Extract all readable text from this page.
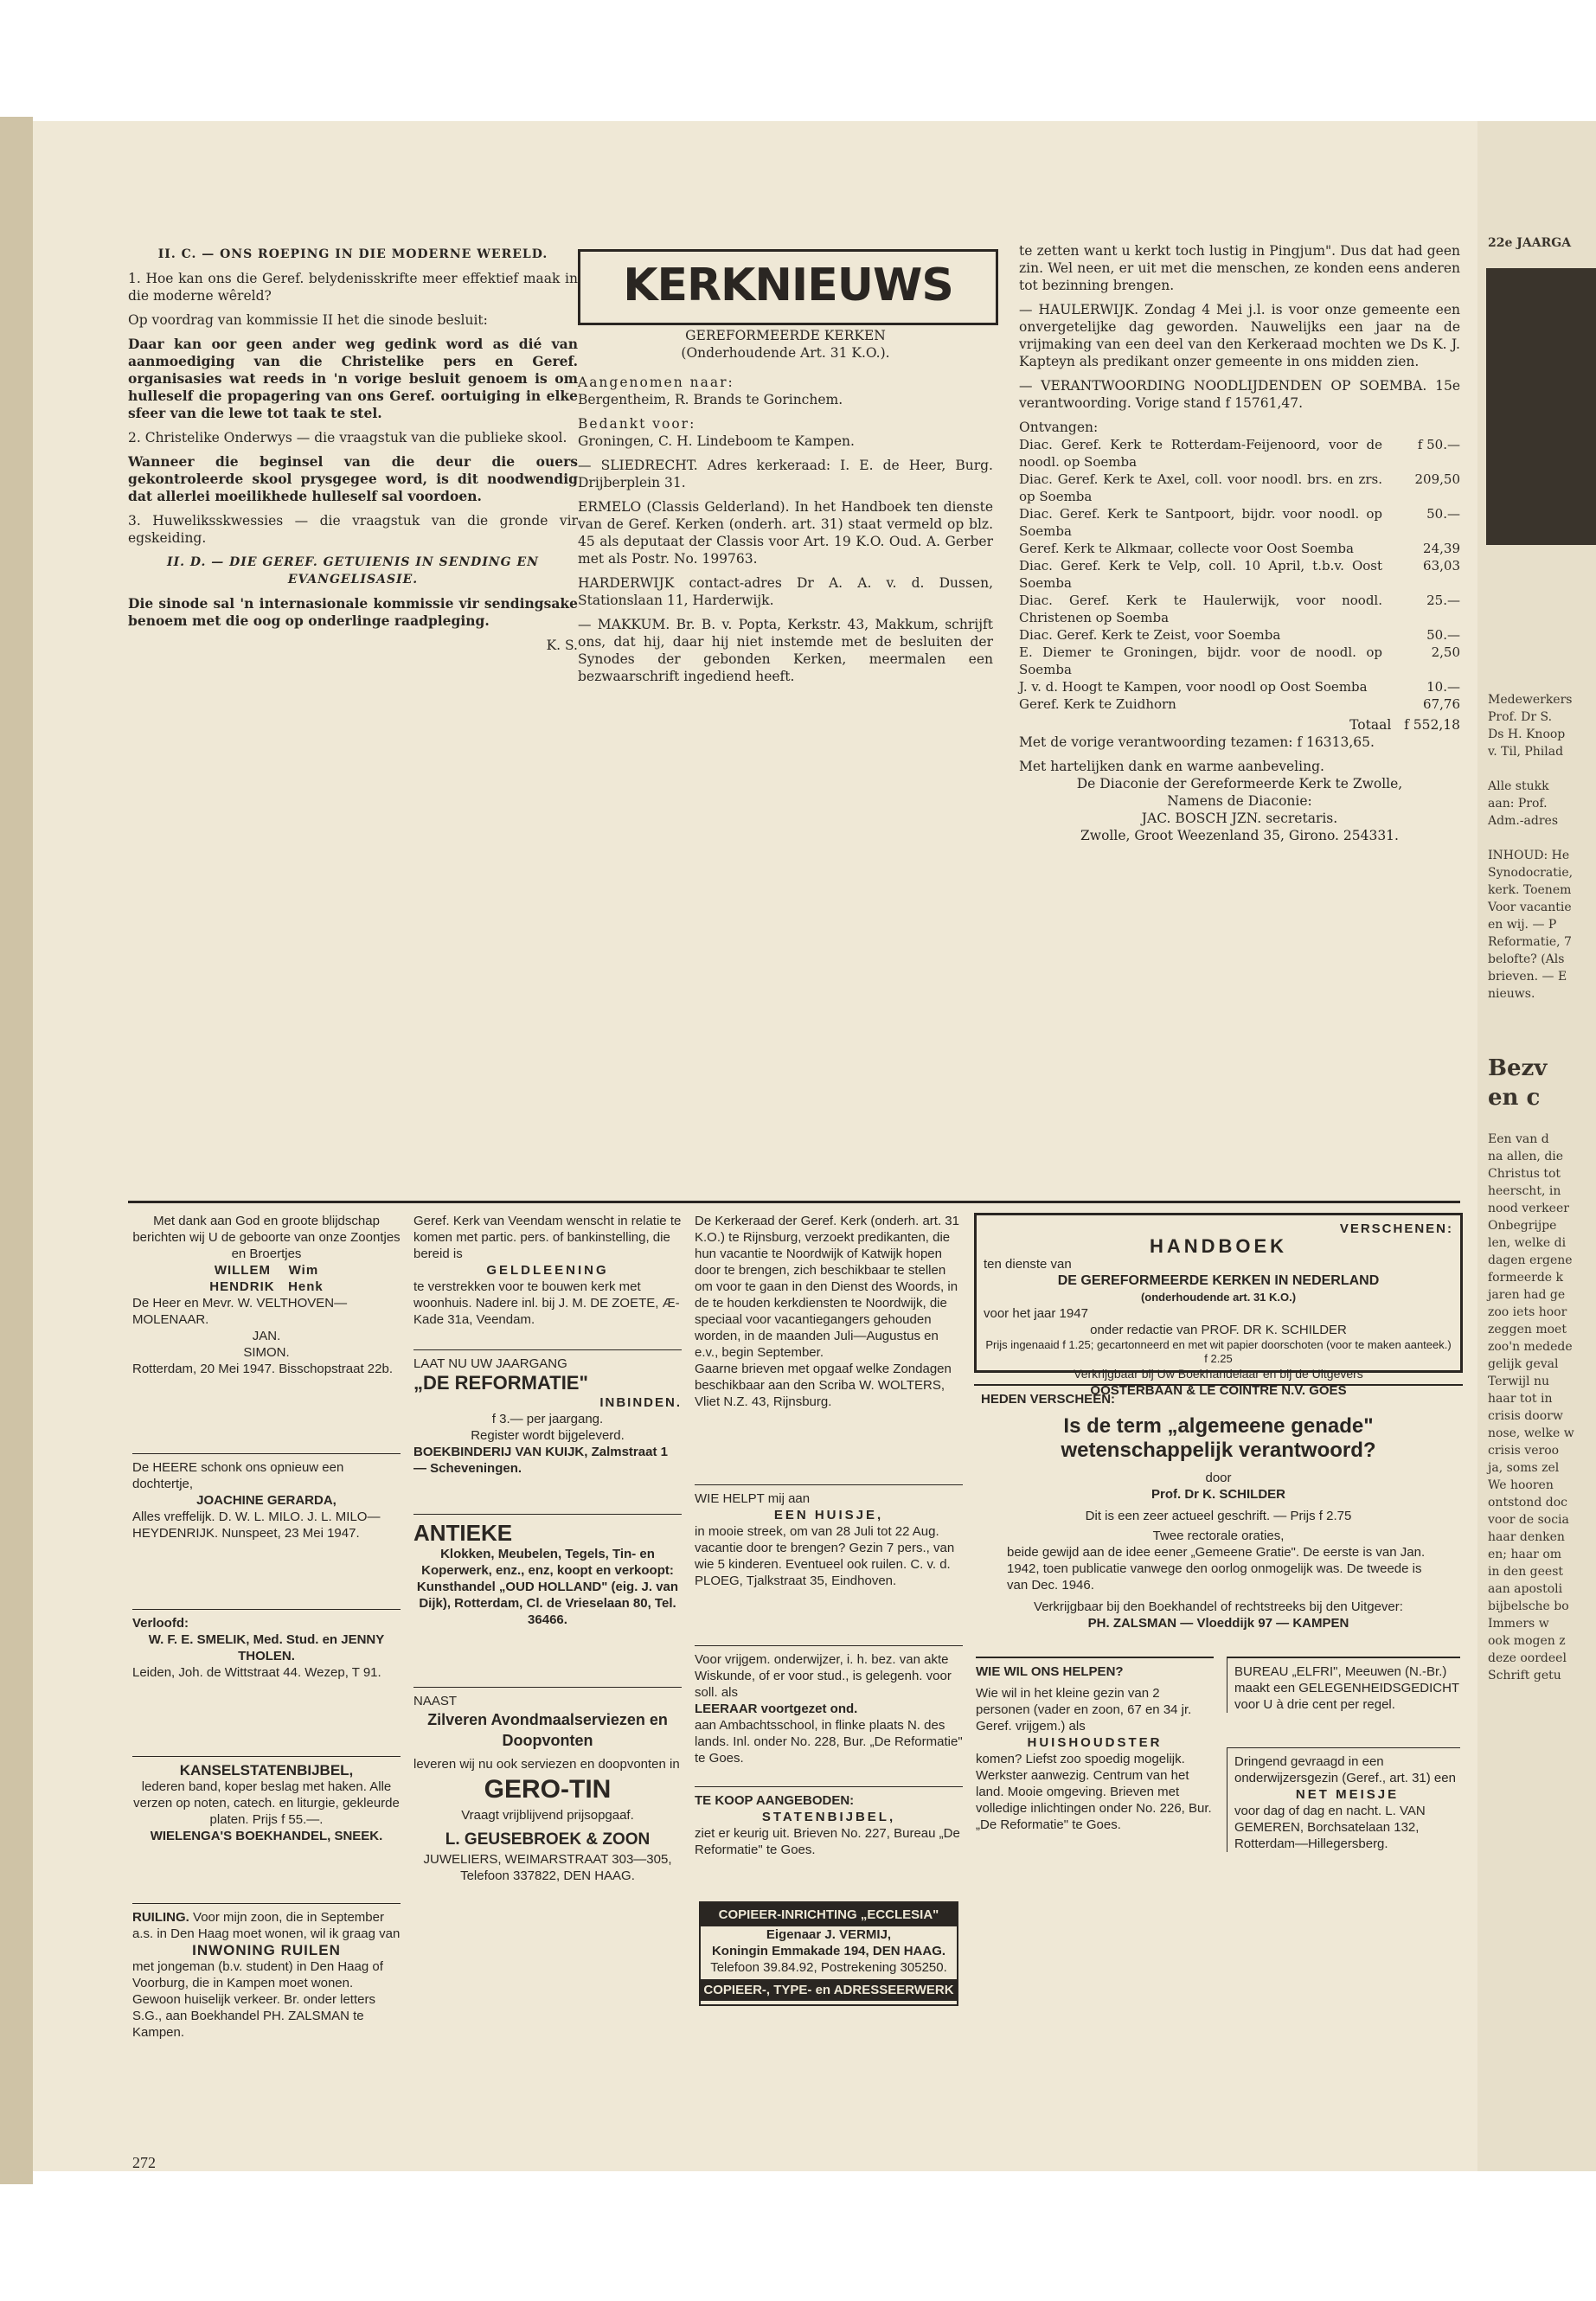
II. C. — ONS ROEPING IN DIE MODERNE WERELD.

1. Hoe kan ons die Geref. belydenisskrifte meer effektief maak in die moderne wêreld?

Op voordrag van kommissie II het die sinode besluit:

Daar kan oor geen ander weg gedink word as dié van aanmoediging van die Christelike pers en Geref. organisasies wat reeds in 'n vorige besluit genoem is om hulleself die propagering van ons Geref. oortuiging in elke sfeer van die lewe tot taak te stel.

2. Christelike Onderwys — die vraagstuk van die publieke skool.

Wanneer die beginsel van die deur die ouers gekontroleerde skool prysgegee word, is dit noodwendig dat allerlei moeilikhede hulleself sal voordoen.

3. Huweliksskwessies — die vraagstuk van die gronde vir egskeiding.

II. D. — DIE GEREF. GETUIENIS IN SENDING EN EVANGELISASIE.

Die sinode sal 'n internasionale kommissie vir sendingsake benoem met die oog op onderlinge raadpleging.

K. S.

KERKNIEUWS
GEREFORMEERDE KERKEN
(Onderhoudende Art. 31 K.O.).

Aangenomen naar:

Bergentheim, R. Brands te Gorinchem.

Bedankt voor:

Groningen, C. H. Lindeboom te Kampen.

— SLIEDRECHT. Adres kerkeraad: I. E. de Heer, Burg. Drijberplein 31.

ERMELO (Classis Gelderland). In het Handboek ten dienste van de Geref. Kerken (onderh. art. 31) staat vermeld op blz. 45 als deputaat der Classis voor Art. 19 K.O. Oud. A. Gerber met als Postr. No. 199763.

HARDERWIJK contact-adres Dr A. A. v. d. Dussen, Stationslaan 11, Harderwijk.

— MAKKUM. Br. B. v. Popta, Kerkstr. 43, Makkum, schrijft ons, dat hij, daar hij niet instemde met de besluiten der Synodes der gebonden Kerken, meermalen een bezwaarschrift ingediend heeft.

te zetten want u kerkt toch lustig in Pingjum". Dus dat had geen zin. Wel neen, er uit met die menschen, ze konden eens anderen tot bezinning brengen.

— HAULERWIJK. Zondag 4 Mei j.l. is voor onze gemeente een onvergetelijke dag geworden. Nauwelijks een jaar na de vrijmaking van een deel van den Kerkeraad mochten we Ds K. J. Kapteyn als predikant onzer gemeente in ons midden zien.

— VERANTWOORDING NOODLIJDENDEN OP SOEMBA. 15e verantwoording. Vorige stand f 15761,47.

Ontvangen:

Diac. Geref. Kerk te Rotterdam-Feijenoord, voor de noodl. op Soemba	f 50.—
Diac. Geref. Kerk te Axel, coll. voor noodl. brs. en zrs. op Soemba	209,50
Diac. Geref. Kerk te Santpoort, bijdr. voor noodl. op Soemba	50.—
Geref. Kerk te Alkmaar, collecte voor Oost Soemba	24,39
Diac. Geref. Kerk te Velp, coll. 10 April, t.b.v. Oost Soemba	63,03
Diac. Geref. Kerk te Haulerwijk, voor noodl. Christenen op Soemba	25.—
Diac. Geref. Kerk te Zeist, voor Soemba	50.—
E. Diemer te Groningen, bijdr. voor de noodl. op Soemba	2,50
J. v. d. Hoogt te Kampen, voor noodl op Oost Soemba	10.—
Geref. Kerk te Zuidhorn	67,76
Totaal f 552,18

Met de vorige verantwoording tezamen: f 16313,65.

Met hartelijken dank en warme aanbeveling.

De Diaconie der Gereformeerde Kerk te Zwolle,

Namens de Diaconie:

JAC. BOSCH JZN. secretaris.

Zwolle, Groot Weezenland 35, Girono. 254331.

Met dank aan God en groote blijdschap berichten wij U de geboorte van onze Zoontjes en Broertjes
WILLEM    Wim
HENDRIK   Henk
De Heer en Mevr. W. VELTHOVEN—MOLENAAR.
JAN.
SIMON.
Rotterdam, 20 Mei 1947. Bisschopstraat 22b.
De HEERE schonk ons opnieuw een dochtertje,
JOACHINE GERARDA,
Alles vreffelijk. D. W. L. MILO. J. L. MILO—HEYDENRIJK. Nunspeet, 23 Mei 1947.
Verloofd:
W. F. E. SMELIK, Med. Stud. en JENNY THOLEN.
Leiden, Joh. de Wittstraat 44. Wezep, T 91.
KANSELSTATENBIJBEL,
lederen band, koper beslag met haken. Alle verzen op noten, catech. en liturgie, gekleurde platen. Prijs f 55.—.
WIELENGA'S BOEKHANDEL, SNEEK.
RUILING. Voor mijn zoon, die in September a.s. in Den Haag moet wonen, wil ik graag van
INWONING RUILEN
met jongeman (b.v. student) in Den Haag of Voorburg, die in Kampen moet wonen. Gewoon huiselijk verkeer. Br. onder letters S.G., aan Boekhandel PH. ZALSMAN te Kampen.
Geref. Kerk van Veendam wenscht in relatie te komen met partic. pers. of bankinstelling, die bereid is
GELDLEENING
te verstrekken voor te bouwen kerk met woonhuis. Nadere inl. bij J. M. DE ZOETE, Æ-Kade 31a, Veendam.
LAAT NU UW JAARGANG
„DE REFORMATIE"
INBINDEN.
f 3.— per jaargang.
Register wordt bijgeleverd.
BOEKBINDERIJ VAN KUIJK, Zalmstraat 1 — Scheveningen.
ANTIEKE
Klokken, Meubelen, Tegels, Tin- en Koperwerk, enz., enz, koopt en verkoopt:
Kunsthandel „OUD HOLLAND" (eig. J. van Dijk), Rotterdam, Cl. de Vrieselaan 80, Tel. 36466.
NAAST
Zilveren Avondmaalserviezen en Doopvonten
leveren wij nu ook serviezen en doopvonten in
GERO-TIN
Vraagt vrijblijvend prijsopgaaf.
L. GEUSEBROEK & ZOON
JUWELIERS, WEIMARSTRAAT 303—305, Telefoon 337822, DEN HAAG.
De Kerkeraad der Geref. Kerk (onderh. art. 31 K.O.) te Rijnsburg, verzoekt predikanten, die hun vacantie te Noordwijk of Katwijk hopen door te brengen, zich beschikbaar te stellen om voor te gaan in den Dienst des Woords, in de te houden kerkdiensten te Noordwijk, die speciaal voor vacantiegangers gehouden worden, in de maanden Juli—Augustus en e.v., begin September.
Gaarne brieven met opgaaf welke Zondagen beschikbaar aan den Scriba W. WOLTERS, Vliet N.Z. 43, Rijnsburg.
WIE HELPT mij aan
EEN HUISJE,
in mooie streek, om van 28 Juli tot 22 Aug. vacantie door te brengen? Gezin 7 pers., van wie 5 kinderen. Eventueel ook ruilen. C. v. d. PLOEG, Tjalkstraat 35, Eindhoven.
Voor vrijgem. onderwijzer, i. h. bez. van akte Wiskunde, of er voor stud., is gelegenh. voor soll. als
LEERAAR voortgezet ond.
aan Ambachtsschool, in flinke plaats N. des lands. Inl. onder No. 228, Bur. „De Reformatie" te Goes.
TE KOOP AANGEBODEN:
STATENBIJBEL,
ziet er keurig uit. Brieven No. 227, Bureau „De Reformatie" te Goes.
COPIEER-INRICHTING „ECCLESIA"
Eigenaar J. VERMIJ,
Koningin Emmakade 194, DEN HAAG.
Telefoon 39.84.92, Postrekening 305250.
COPIEER-, TYPE- en ADRESSEERWERK
VERSCHENEN:
HANDBOEK
ten dienste van
DE GEREFORMEERDE KERKEN IN NEDERLAND
(onderhoudende art. 31 K.O.)
voor het jaar 1947
onder redactie van PROF. DR K. SCHILDER
Prijs ingenaaid f 1.25; gecartonneerd en met wit papier doorschoten (voor te maken aanteek.) f 2.25
Verkrijgbaar bij Uw Boekhandelaar en bij de Uitgevers
OOSTERBAAN & LE COINTRE N.V. GOES
HEDEN VERSCHEEN:
Is de term „algemeene genade" wetenschappelijk verantwoord?
door
Prof. Dr K. SCHILDER
Dit is een zeer actueel geschrift. — Prijs f 2.75
Twee rectorale oraties,
beide gewijd aan de idee eener „Gemeene Gratie". De eerste is van Jan. 1942, toen publicatie vanwege den oorlog onmogelijk was. De tweede is van Dec. 1946.
Verkrijgbaar bij den Boekhandel of rechtstreeks bij den Uitgever:
PH. ZALSMAN — Vloeddijk 97 — KAMPEN
WIE WIL ONS HELPEN?
Wie wil in het kleine gezin van 2 personen (vader en zoon, 67 en 34 jr. Geref. vrijgem.) als
HUISHOUDSTER
komen? Liefst zoo spoedig mogelijk. Werkster aanwezig. Centrum van het land. Mooie omgeving. Brieven met volledige inlichtingen onder No. 226, Bur. „De Reformatie" te Goes.
BUREAU „ELFRI", Meeuwen (N.-Br.) maakt een GELEGENHEIDSGEDICHT voor U à drie cent per regel.
Dringend gevraagd in een onderwijzersgezin (Geref., art. 31) een
NET MEISJE
voor dag of dag en nacht. L. VAN GEMEREN, Borchsatelaan 132, Rotterdam—Hillegersberg.
272
22e JAARGA
Medewerkers
Prof. Dr S.
Ds H. Knoop
v. Til, Philad
Alle stukk
aan: Prof.
Adm.-adres
INHOUD: He
Synodocratie,
kerk. Toenem
Voor vacantie
en wij. — P
Reformatie, 7
belofte? (Als
brieven. — E
nieuws.
Bezv
en c
Een van d
na allen, die
Christus tot
heerscht, in
nood verkeer
Onbegrijpe
len, welke di
dagen ergene
formeerde k
jaren had ge
zoo iets hoor
zeggen moet
zoo'n medede
gelijk geval
Terwijl nu
haar tot in
crisis doorw
nose, welke w
crisis veroo
ja, soms zel
We hooren
ontstond doc
voor de socia
haar denken
en; haar om
in den geest
aan apostoli
bijbelsche bo
Immers w
ook mogen z
deze oordeel
Schrift getu
